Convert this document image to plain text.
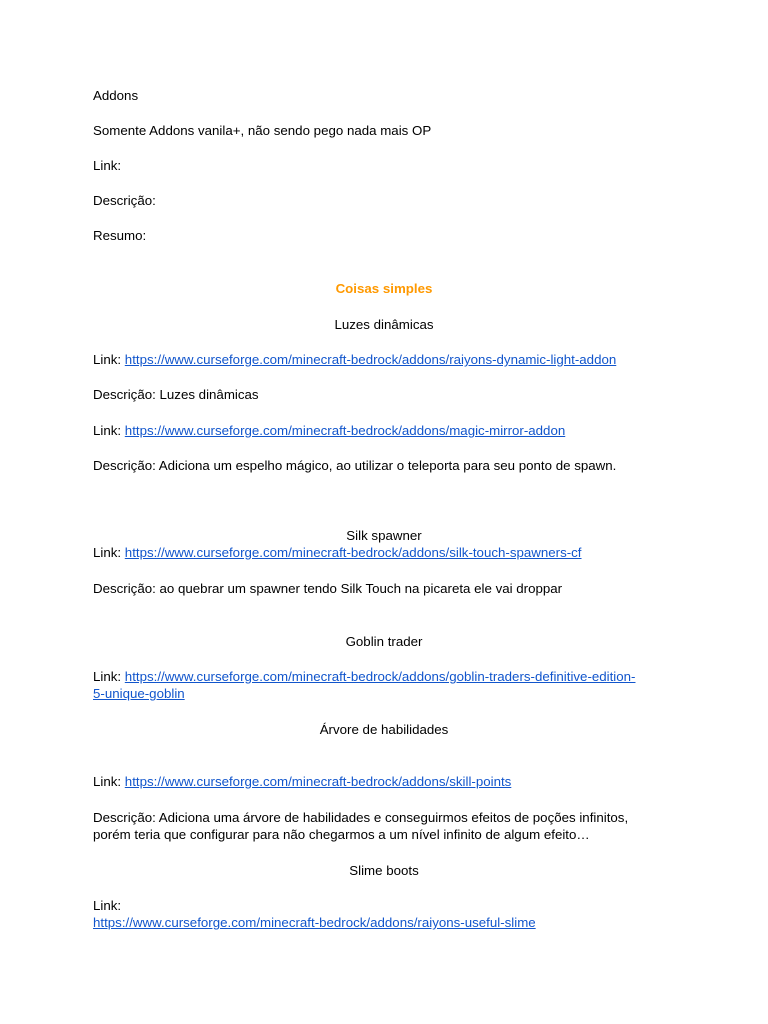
Addons
Somente Addons vanila+, não sendo pego nada mais OP
Link:
Descrição:
Resumo:
Coisas simples
Luzes dinâmicas
Link: https://www.curseforge.com/minecraft-bedrock/addons/raiyons-dynamic-light-addon
Descrição: Luzes dinâmicas
Link: https://www.curseforge.com/minecraft-bedrock/addons/magic-mirror-addon
Descrição: Adiciona um espelho mágico, ao utilizar o teleporta para seu ponto de spawn.
Silk spawner
Link: https://www.curseforge.com/minecraft-bedrock/addons/silk-touch-spawners-cf
Descrição: ao quebrar um spawner tendo Silk Touch na picareta ele vai droppar
Goblin trader
Link: https://www.curseforge.com/minecraft-bedrock/addons/goblin-traders-definitive-edition-
5-unique-goblin
Árvore de habilidades
Link: https://www.curseforge.com/minecraft-bedrock/addons/skill-points
Descrição: Adiciona uma árvore de habilidades e conseguirmos efeitos de poções infinitos,
porém teria que configurar para não chegarmos a um nível infinito de algum efeito…
Slime boots
Link:
https://www.curseforge.com/minecraft-bedrock/addons/raiyons-useful-slime
